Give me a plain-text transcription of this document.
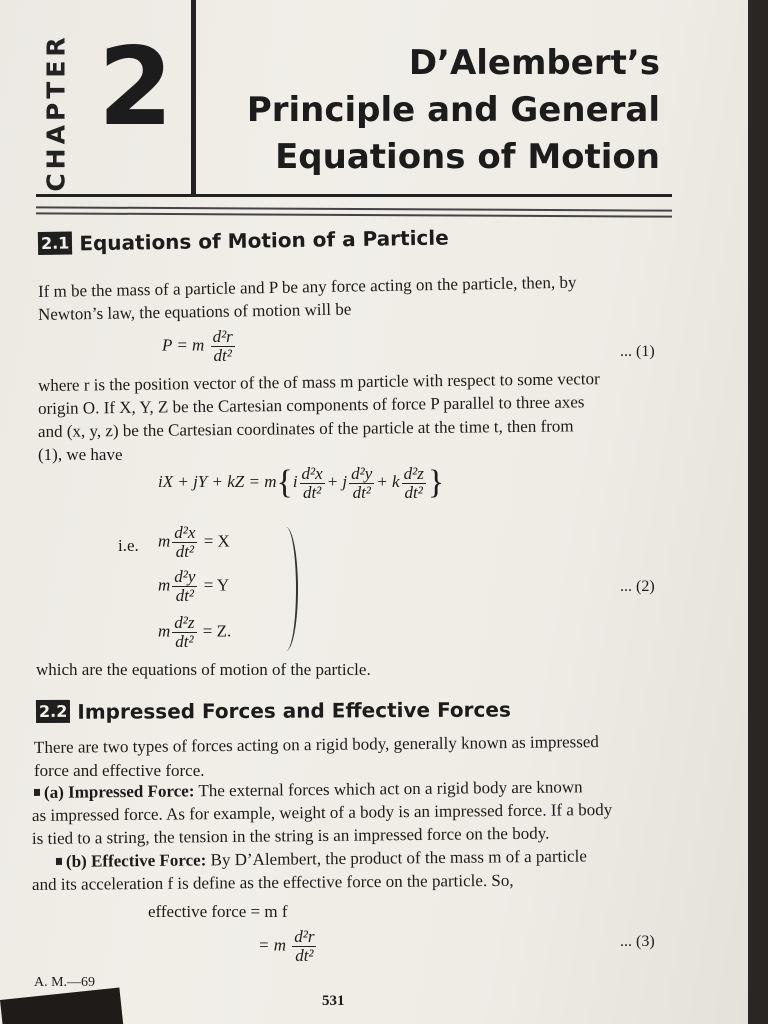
CHAPTER 2	D’Alembert’s
Principle and General
Equations of Motion
2.1 Equations of Motion of a Particle
If m be the mass of a particle and P be any force acting on the particle, then, by
Newton’s law, the equations of motion will be
P = m $\frac{\text{d²r}}{\text{dt²}}$	... (1)
where r is the position vector of the of mass m particle with respect to some vector
origin O. If X, Y, Z be the Cartesian components of force P parallel to three axes
and (x, y, z) be the Cartesian coordinates of the particle at the time t, then from
(1), we have
iX + jY + kZ = $m\{i \frac{\text{d²x}}{\text{dt²}} + j \frac{\text{d²y}}{\text{dt²}} + k \frac{\text{d²z}}{\text{dt²}}$ }
i.e. m $\frac{\text{d²x}}{\text{dt²}} = X$
m $\frac{\text{d²y}}{\text{dt²}} = Y$
m $\frac{\text{d²z}}{\text{dt²}} = Z$.
... (2)
which are the equations of motion of the particle.
2.2 Impressed Forces and Effective Forces
There are two types of forces acting on a rigid body, generally known as impressed
force and effective force.
(a) Impressed Force: The external forces which act on a rigid body are known
as impressed force. As for example, weight of a body is an impressed force. If a body
is tied to a string, the tension in the string is an impressed force on the body.
(b) Effective Force: By D’Alembert, the product of the mass m of a particle
and its acceleration f is define as the effective force on the particle. So,
effective force = m f
= m $\frac{\text{d²r}}{\text{dt²}}$	... (3)
A. M.—69
531
